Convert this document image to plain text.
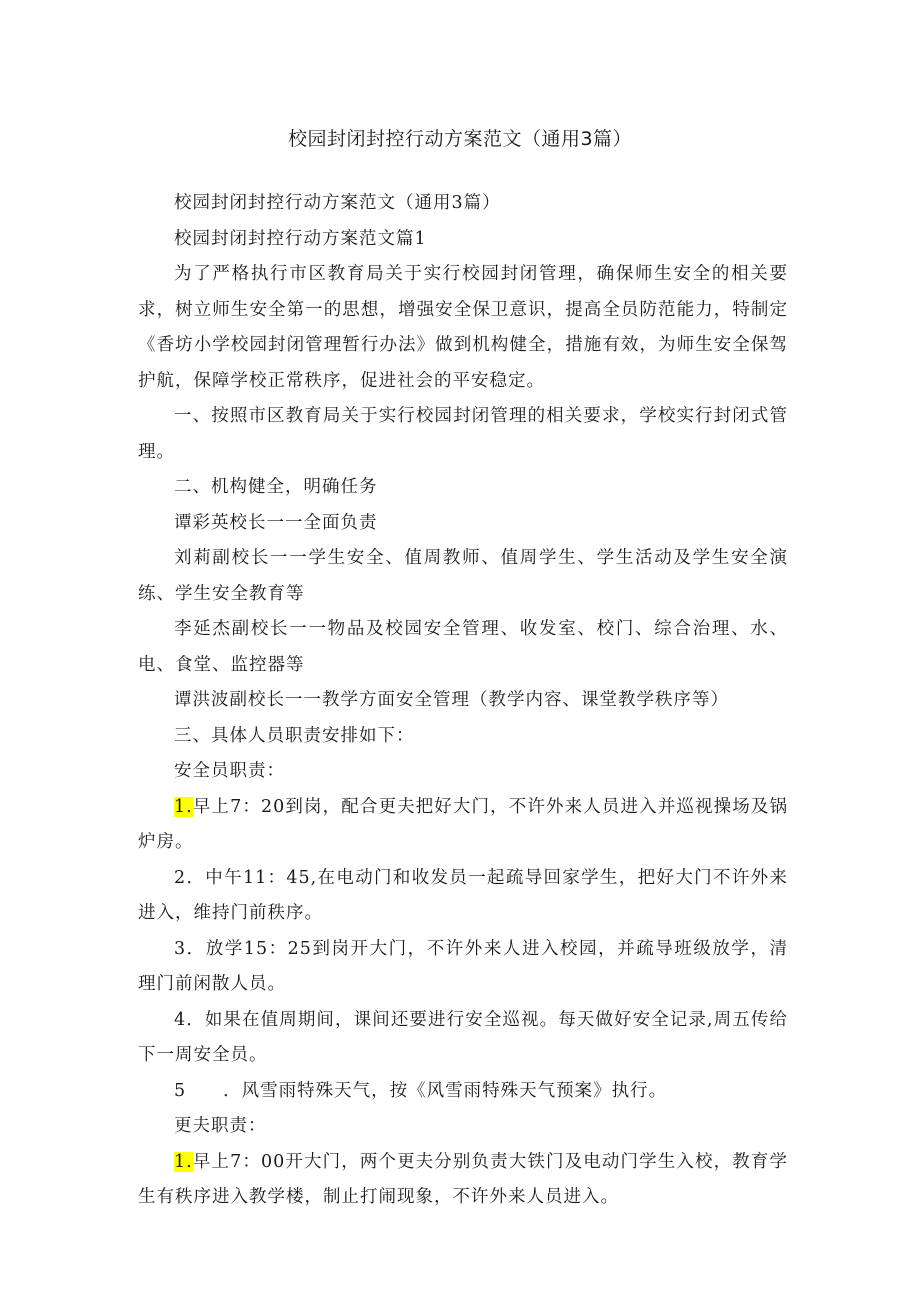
校园封闭封控行动方案范文（通用3篇）

校园封闭封控行动方案范文（通用3篇）

校园封闭封控行动方案范文篇1

为了严格执行市区教育局关于实行校园封闭管理，确保师生安全的相关要求，树立师生安全第一的思想，增强安全保卫意识，提高全员防范能力，特制定《香坊小学校园封闭管理暂行办法》做到机构健全，措施有效，为师生安全保驾护航，保障学校正常秩序，促进社会的平安稳定。

一、按照市区教育局关于实行校园封闭管理的相关要求，学校实行封闭式管理。

二、机构健全，明确任务

谭彩英校长一一全面负责

刘莉副校长一一学生安全、值周教师、值周学生、学生活动及学生安全演练、学生安全教育等

李延杰副校长一一物品及校园安全管理、收发室、校门、综合治理、水、电、食堂、监控器等

谭洪波副校长一一教学方面安全管理（教学内容、课堂教学秩序等）

三、具体人员职责安排如下：

安全员职责：

1.早上7：20到岗，配合更夫把好大门，不许外来人员进入并巡视操场及锅炉房。

2．中午11：45,在电动门和收发员一起疏导回家学生，把好大门不许外来进入，维持门前秩序。

3．放学15：25到岗开大门，不许外来人进入校园，并疏导班级放学，清理门前闲散人员。

4．如果在值周期间，课间还要进行安全巡视。每天做好安全记录,周五传给下一周安全员。

5　　．风雪雨特殊天气，按《风雪雨特殊天气预案》执行。

更夫职责：

1.早上7：00开大门，两个更夫分别负责大铁门及电动门学生入校，教育学生有秩序进入教学楼，制止打闹现象，不许外来人员进入。
